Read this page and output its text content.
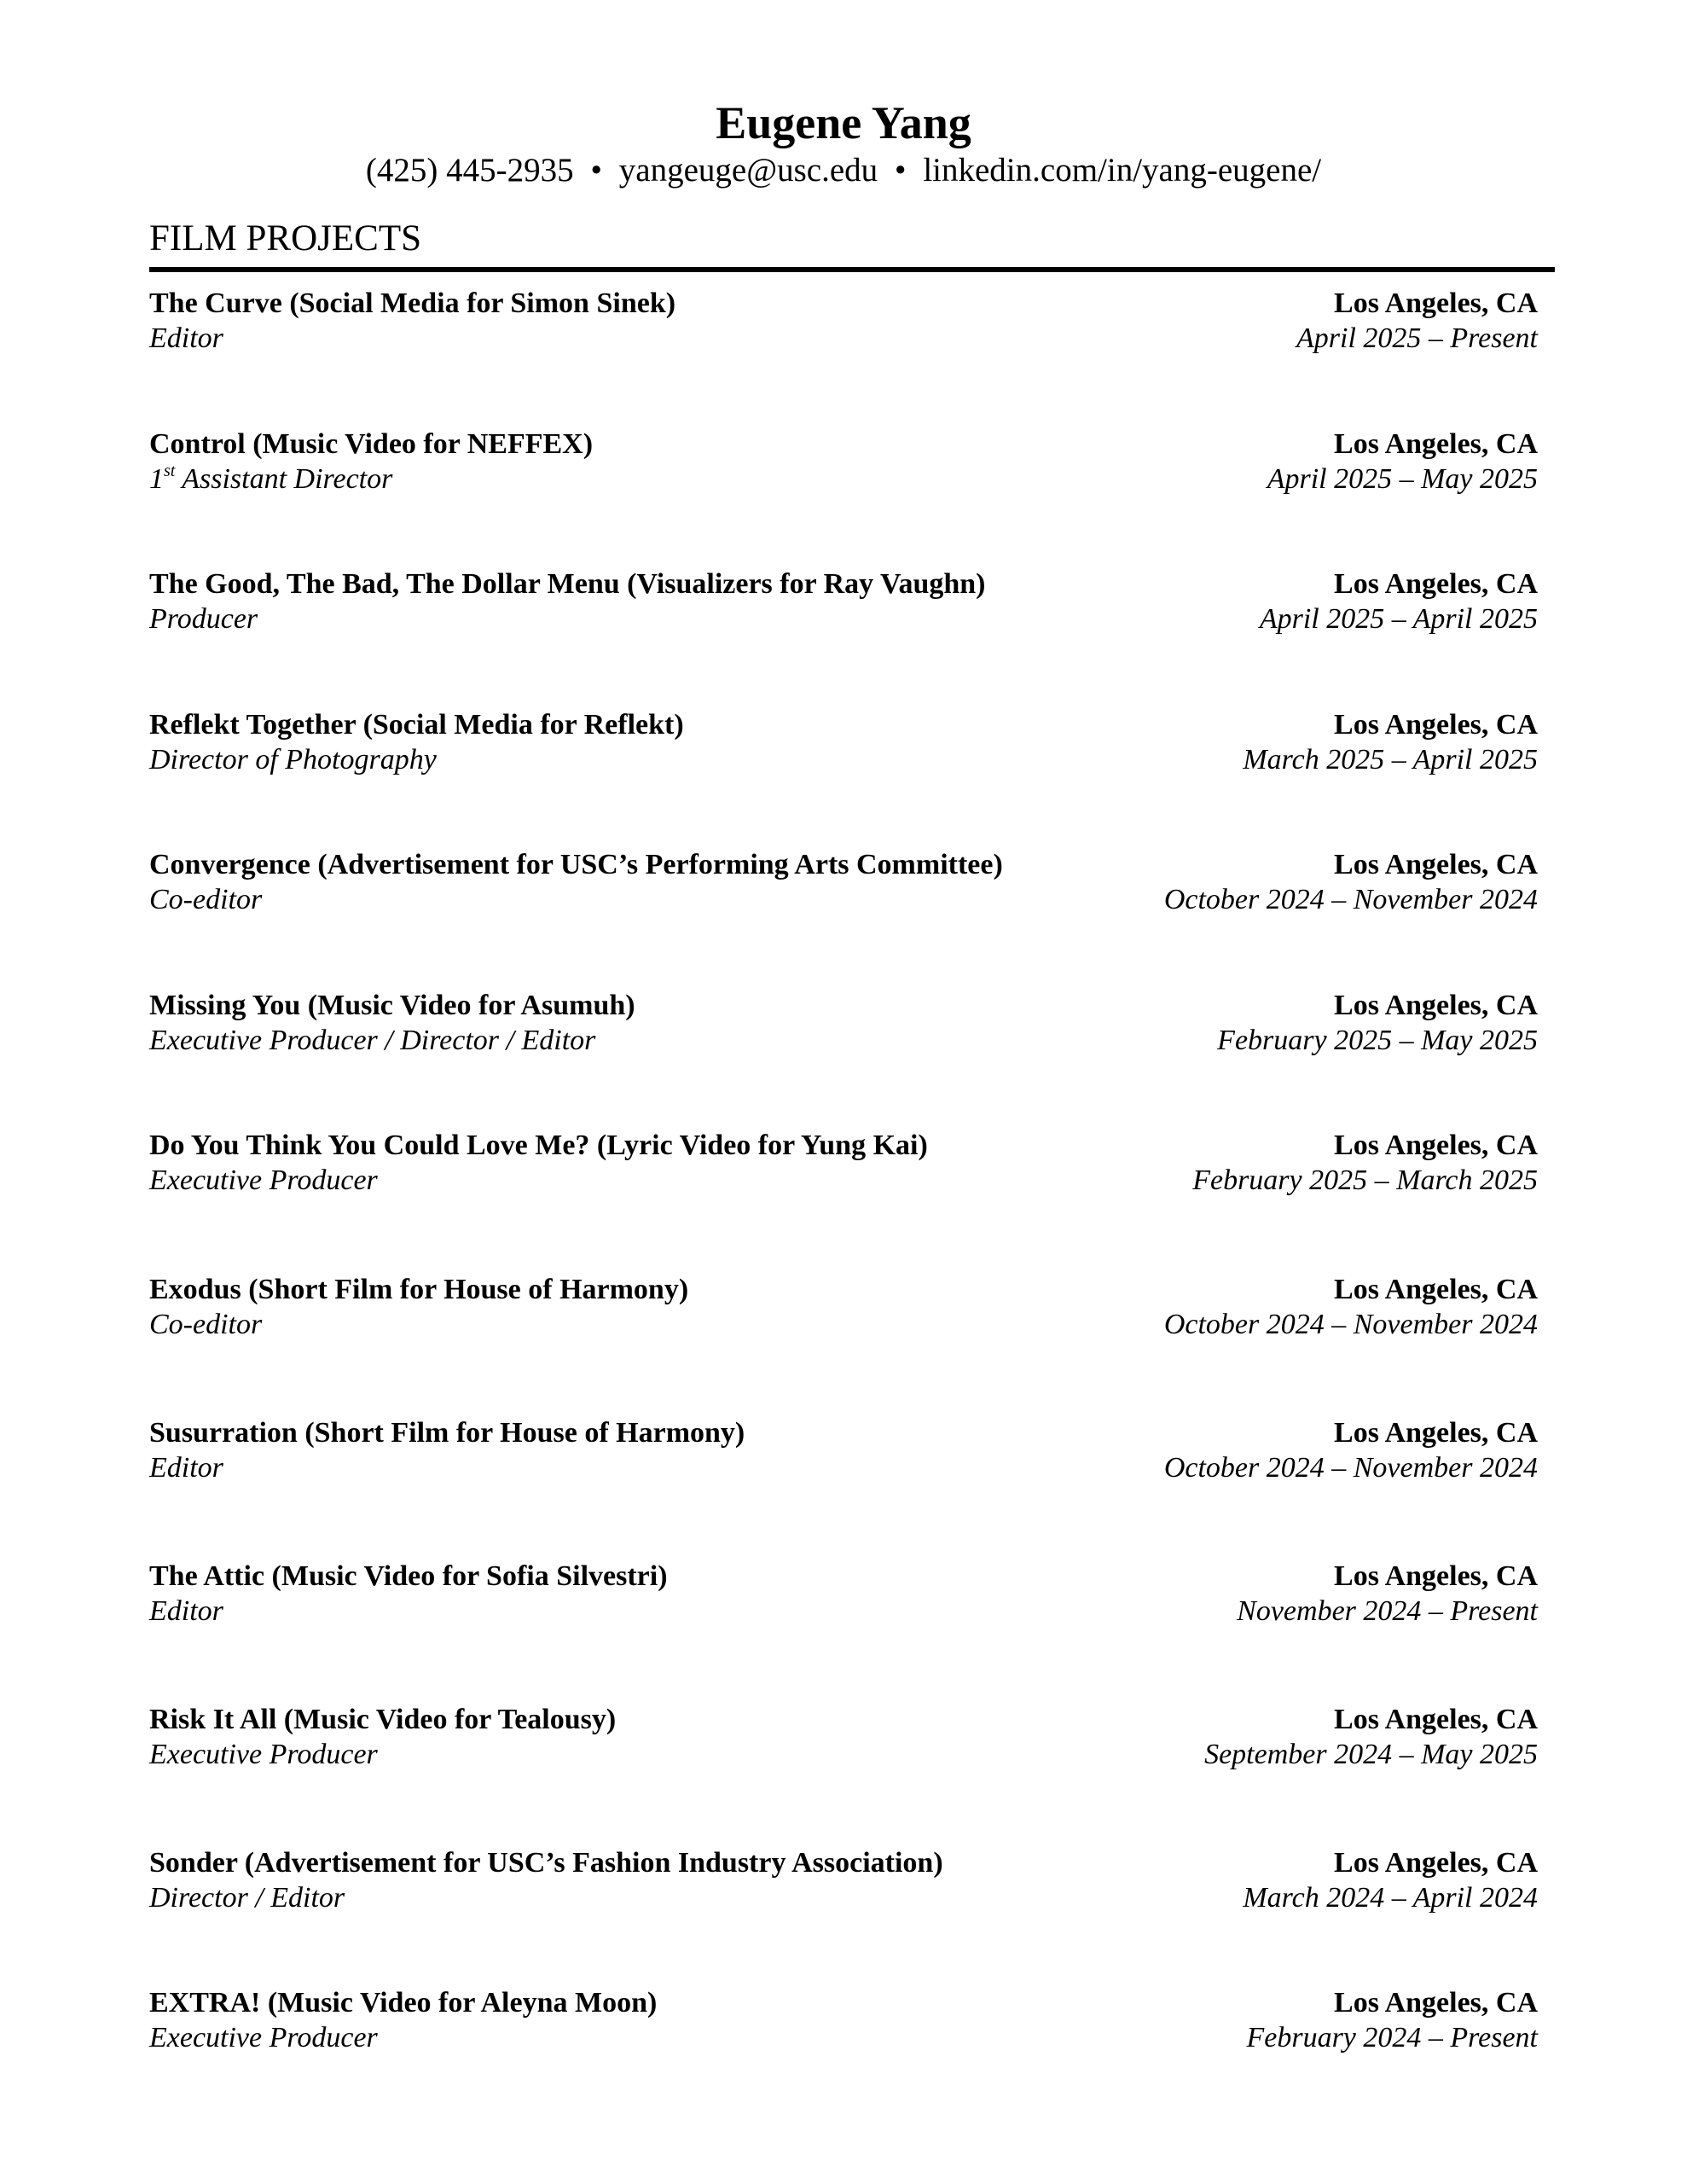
Eugene Yang
(425) 445-2935 • yangeuge@usc.edu • linkedin.com/in/yang-eugene/
FILM PROJECTS
The Curve (Social Media for Simon Sinek)	Los Angeles, CA
Editor	April 2025 – Present
Control (Music Video for NEFFEX)	Los Angeles, CA
1st Assistant Director	April 2025 – May 2025
The Good, The Bad, The Dollar Menu (Visualizers for Ray Vaughn)	Los Angeles, CA
Producer	April 2025 – April 2025
Reflekt Together (Social Media for Reflekt)	Los Angeles, CA
Director of Photography	March 2025 – April 2025
Convergence (Advertisement for USC’s Performing Arts Committee)	Los Angeles, CA
Co-editor	October 2024 – November 2024
Missing You (Music Video for Asumuh)	Los Angeles, CA
Executive Producer / Director / Editor	February 2025 – May 2025
Do You Think You Could Love Me? (Lyric Video for Yung Kai)	Los Angeles, CA
Executive Producer	February 2025 – March 2025
Exodus (Short Film for House of Harmony)	Los Angeles, CA
Co-editor	October 2024 – November 2024
Susurration (Short Film for House of Harmony)	Los Angeles, CA
Editor	October 2024 – November 2024
The Attic (Music Video for Sofia Silvestri)	Los Angeles, CA
Editor	November 2024 – Present
Risk It All (Music Video for Tealousy)	Los Angeles, CA
Executive Producer	September 2024 – May 2025
Sonder (Advertisement for USC’s Fashion Industry Association)	Los Angeles, CA
Director / Editor	March 2024 – April 2024
EXTRA! (Music Video for Aleyna Moon)	Los Angeles, CA
Executive Producer	February 2024 – Present
